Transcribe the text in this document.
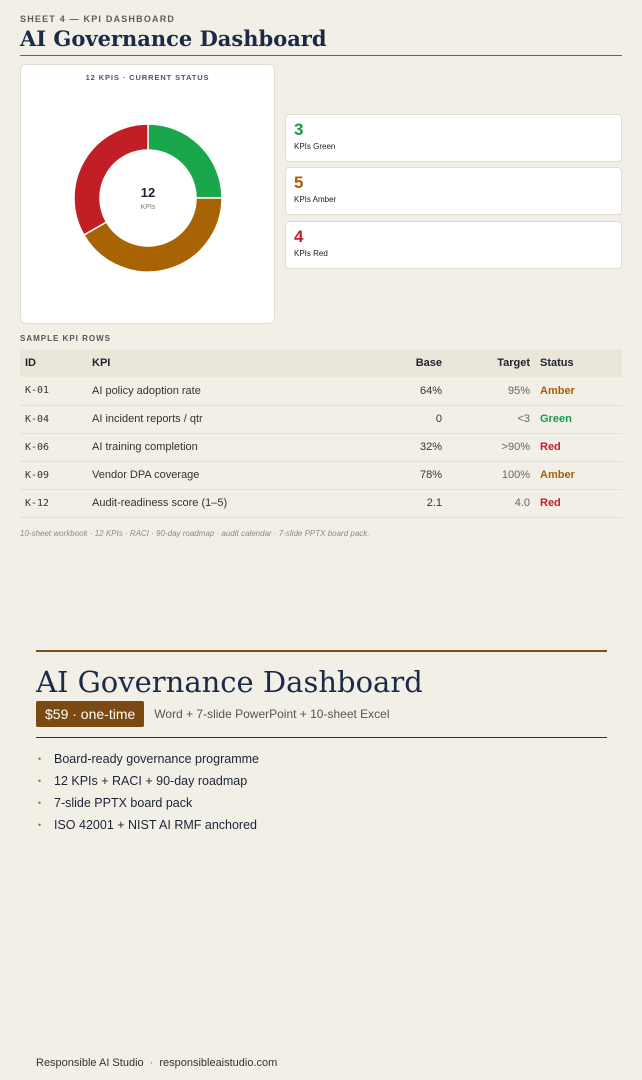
SHEET 4 — KPI DASHBOARD
AI Governance Dashboard
12 KPIS · CURRENT STATUS
12
KPIs
3
KPIs Green
5
KPIs Amber
4
KPIs Red
SAMPLE KPI ROWS
ID	KPI	Base	Target	Status
K-01	AI policy adoption rate	64%	95%	Amber
K-04	AI incident reports / qtr	0	<3	Green
K-06	AI training completion	32%	>90%	Red
K-09	Vendor DPA coverage	78%	100%	Amber
K-12	Audit-readiness score (1–5)	2.1	4.0	Red
10-sheet workbook · 12 KPIs · RACI · 90-day roadmap · audit calendar · 7-slide PPTX board pack.
AI Governance Dashboard
$59 · one-time	Word + 7-slide PowerPoint + 10-sheet Excel
•	Board-ready governance programme
•	12 KPIs + RACI + 90-day roadmap
•	7-slide PPTX board pack
•	ISO 42001 + NIST AI RMF anchored
Responsible AI Studio · responsibleaistudio.com
